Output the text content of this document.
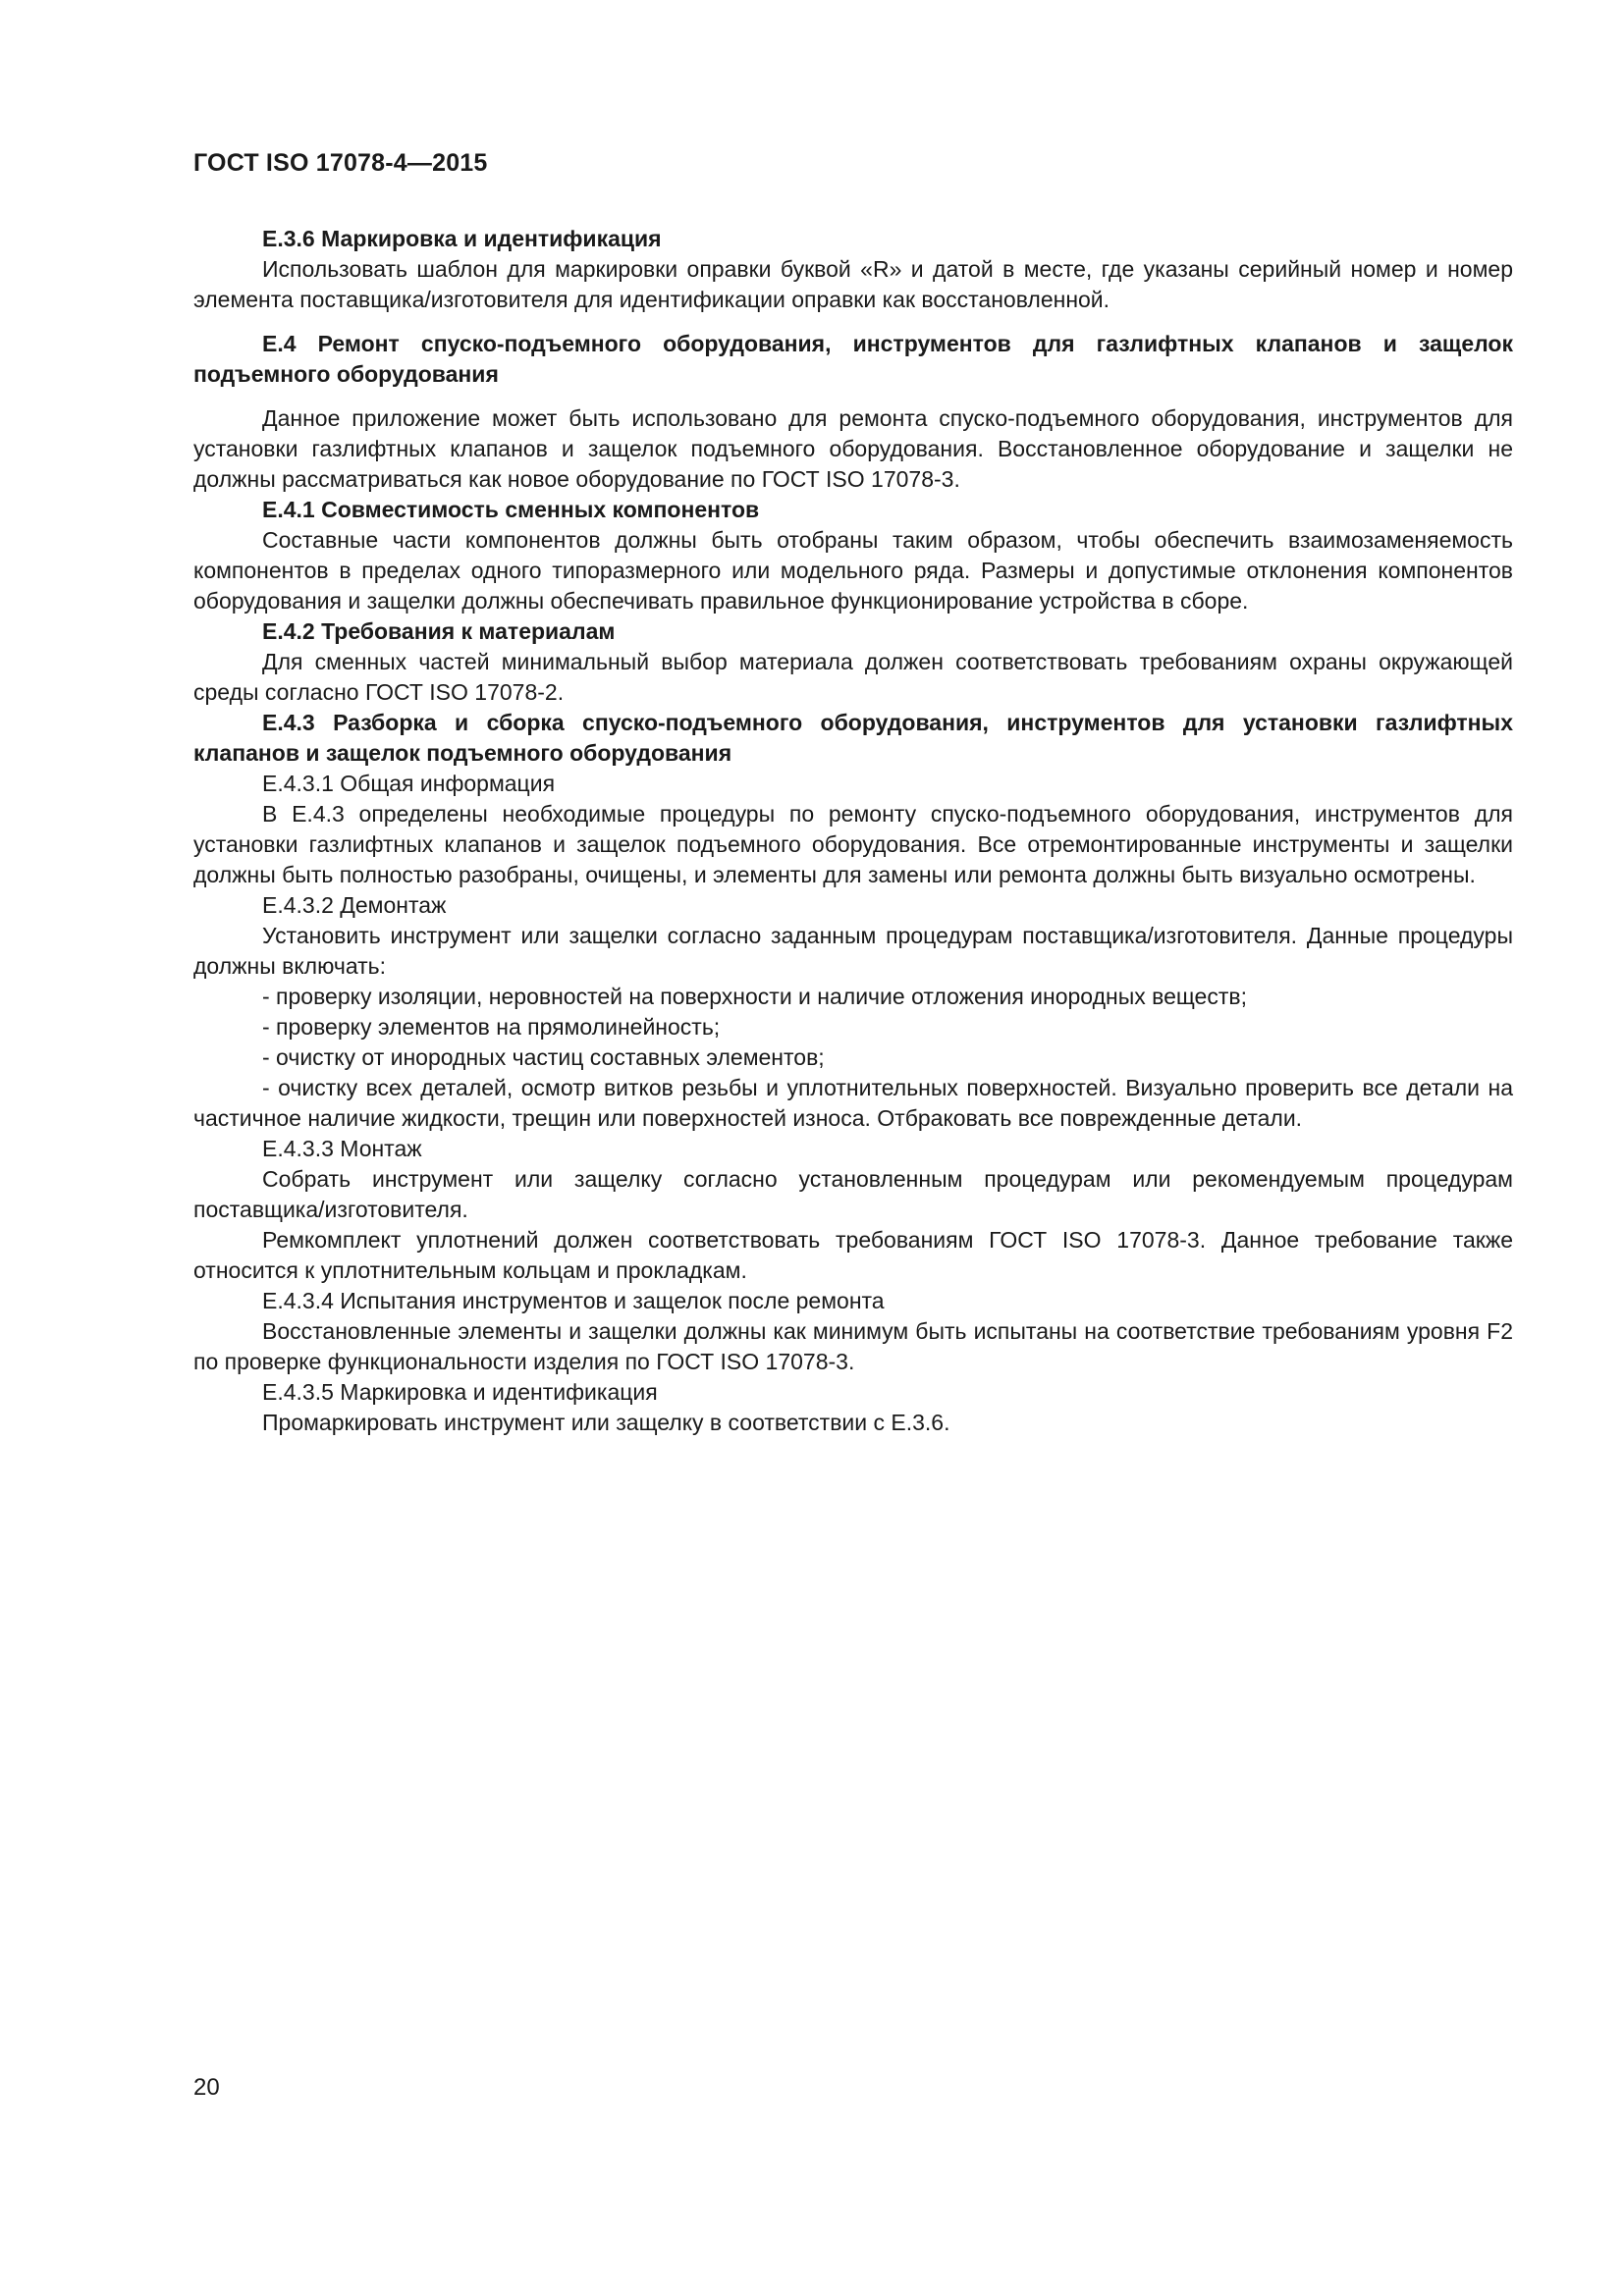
ГОСТ ISO 17078-4—2015

E.3.6 Маркировка и идентификация

Использовать шаблон для маркировки оправки буквой «R» и датой в месте, где указаны серийный номер и номер элемента поставщика/изготовителя для идентификации оправки как восстановленной.

E.4 Ремонт спуско-подъемного оборудования, инструментов для газлифтных клапанов и защелок подъемного оборудования

Данное приложение может быть использовано для ремонта спуско-подъемного оборудования, инструментов для установки газлифтных клапанов и защелок подъемного оборудования. Восстановленное оборудование и защелки не должны рассматриваться как новое оборудование по ГОСТ ISO 17078-3.

E.4.1 Совместимость сменных компонентов

Составные части компонентов должны быть отобраны таким образом, чтобы обеспечить взаимозаменяемость компонентов в пределах одного типоразмерного или модельного ряда. Размеры и допустимые отклонения компонентов оборудования и защелки должны обеспечивать правильное функционирование устройства в сборе.

E.4.2 Требования к материалам

Для сменных частей минимальный выбор материала должен соответствовать требованиям охраны окружающей среды согласно ГОСТ ISO 17078-2.

E.4.3 Разборка и сборка спуско-подъемного оборудования, инструментов для установки газлифтных клапанов и защелок подъемного оборудования

E.4.3.1 Общая информация

В E.4.3 определены необходимые процедуры по ремонту спуско-подъемного оборудования, инструментов для установки газлифтных клапанов и защелок подъемного оборудования. Все отремонтированные инструменты и защелки должны быть полностью разобраны, очищены, и элементы для замены или ремонта должны быть визуально осмотрены.

E.4.3.2 Демонтаж

Установить инструмент или защелки согласно заданным процедурам поставщика/изготовителя. Данные процедуры должны включать:

- проверку изоляции, неровностей на поверхности и наличие отложения инородных веществ;

- проверку элементов на прямолинейность;

- очистку от инородных частиц составных элементов;

- очистку всех деталей, осмотр витков резьбы и уплотнительных поверхностей. Визуально проверить все детали на частичное наличие жидкости, трещин или поверхностей износа. Отбраковать все поврежденные детали.

E.4.3.3 Монтаж

Собрать инструмент или защелку согласно установленным процедурам или рекомендуемым процедурам поставщика/изготовителя.

Ремкомплект уплотнений должен соответствовать требованиям ГОСТ ISO 17078-3. Данное требование также относится к уплотнительным кольцам и прокладкам.

E.4.3.4 Испытания инструментов и защелок после ремонта

Восстановленные элементы и защелки должны как минимум быть испытаны на соответствие требованиям уровня F2 по проверке функциональности изделия по ГОСТ ISO 17078-3.

E.4.3.5 Маркировка и идентификация

Промаркировать инструмент или защелку в соответствии с E.3.6.

20
